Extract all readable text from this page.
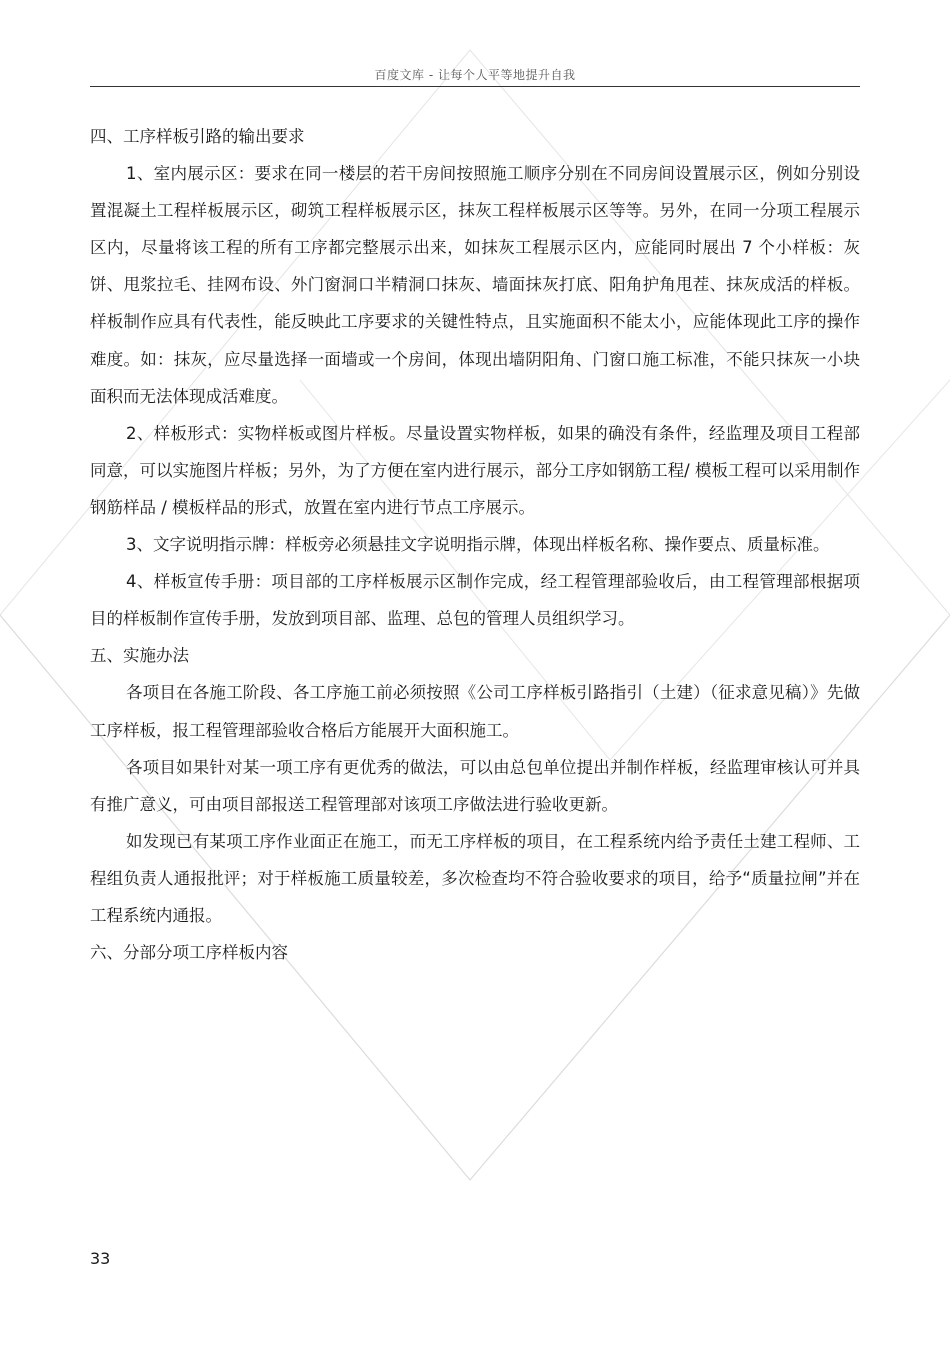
百度文库 - 让每个人平等地提升自我

四、工序样板引路的输出要求

1、室内展示区：要求在同一楼层的若干房间按照施工顺序分别在不同房间设置展示区，例如分别设置混凝土工程样板展示区，砌筑工程样板展示区，抹灰工程样板展示区等等。另外，在同一分项工程展示区内，尽量将该工程的所有工序都完整展示出来，如抹灰工程展示区内，应能同时展出 7 个小样板：灰饼、甩浆拉毛、挂网布设、外门窗洞口半精洞口抹灰、墙面抹灰打底、阳角护角甩茬、抹灰成活的样板。样板制作应具有代表性，能反映此工序要求的关键性特点，且实施面积不能太小，应能体现此工序的操作难度。如：抹灰，应尽量选择一面墙或一个房间，体现出墙阴阳角、门窗口施工标准，不能只抹灰一小块面积而无法体现成活难度。

2、样板形式：实物样板或图片样板。尽量设置实物样板，如果的确没有条件，经监理及项目工程部同意，可以实施图片样板；另外，为了方便在室内进行展示，部分工序如钢筋工程/ 模板工程可以采用制作钢筋样品 / 模板样品的形式，放置在室内进行节点工序展示。

3、文字说明指示牌：样板旁必须悬挂文字说明指示牌，体现出样板名称、操作要点、质量标准。

4、样板宣传手册：项目部的工序样板展示区制作完成，经工程管理部验收后，由工程管理部根据项目的样板制作宣传手册，发放到项目部、监理、总包的管理人员组织学习。

五、实施办法

各项目在各施工阶段、各工序施工前必须按照《公司工序样板引路指引（土建）（征求意见稿）》先做工序样板，报工程管理部验收合格后方能展开大面积施工。

各项目如果针对某一项工序有更优秀的做法，可以由总包单位提出并制作样板，经监理审核认可并具有推广意义，可由项目部报送工程管理部对该项工序做法进行验收更新。

如发现已有某项工序作业面正在施工，而无工序样板的项目，在工程系统内给予责任土建工程师、工程组负责人通报批评；对于样板施工质量较差，多次检查均不符合验收要求的项目，给予“质量拉闸”并在工程系统内通报。

六、分部分项工序样板内容

33
